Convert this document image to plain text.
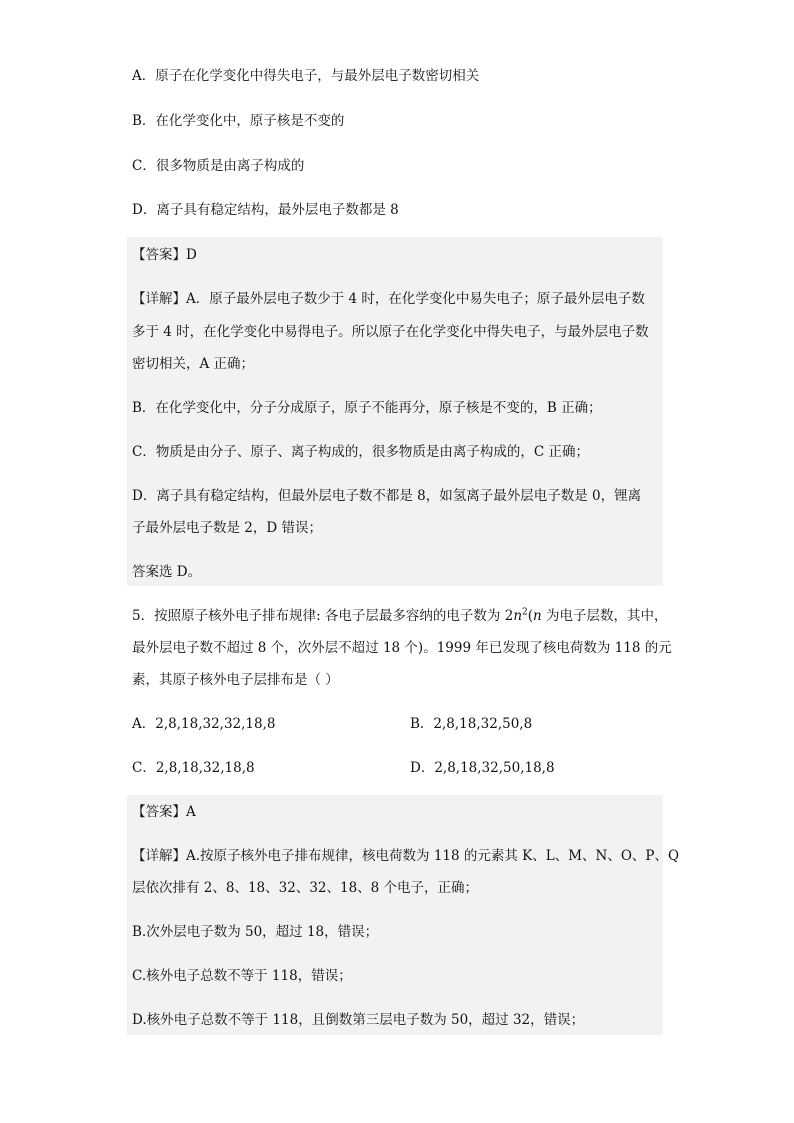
A．原子在化学变化中得失电子，与最外层电子数密切相关
B．在化学变化中，原子核是不变的
C．很多物质是由离子构成的
D．离子具有稳定结构，最外层电子数都是 8
【答案】D
【详解】A．原子最外层电子数少于 4 时，在化学变化中易失电子；原子最外层电子数
多于 4 时，在化学变化中易得电子。所以原子在化学变化中得失电子，与最外层电子数
密切相关，A 正确；
B．在化学变化中，分子分成原子，原子不能再分，原子核是不变的，B 正确；
C．物质是由分子、原子、离子构成的，很多物质是由离子构成的，C 正确；
D．离子具有稳定结构，但最外层电子数不都是 8，如氢离子最外层电子数是 0，锂离
子最外层电子数是 2，D 错误；
答案选 D。
5．按照原子核外电子排布规律: 各电子层最多容纳的电子数为 $2n^2(n$ 为电子层数，其中，
最外层电子数不超过 8 个，次外层不超过 18 个)。1999 年已发现了核电荷数为 118 的元
素，其原子核外电子层排布是（ ）
A．2,8,18,32,32,18,8	B．2,8,18,32,50,8
C．2,8,18,32,18,8	D．2,8,18,32,50,18,8
【答案】A
【详解】A.按原子核外电子排布规律，核电荷数为 118 的元素其 K、L、M、N、O、P、Q
层依次排有 2、8、18、32、32、18、8 个电子，正确；
B.次外层电子数为 50，超过 18，错误；
C.核外电子总数不等于 118，错误；
D.核外电子总数不等于 118，且倒数第三层电子数为 50，超过 32，错误；
